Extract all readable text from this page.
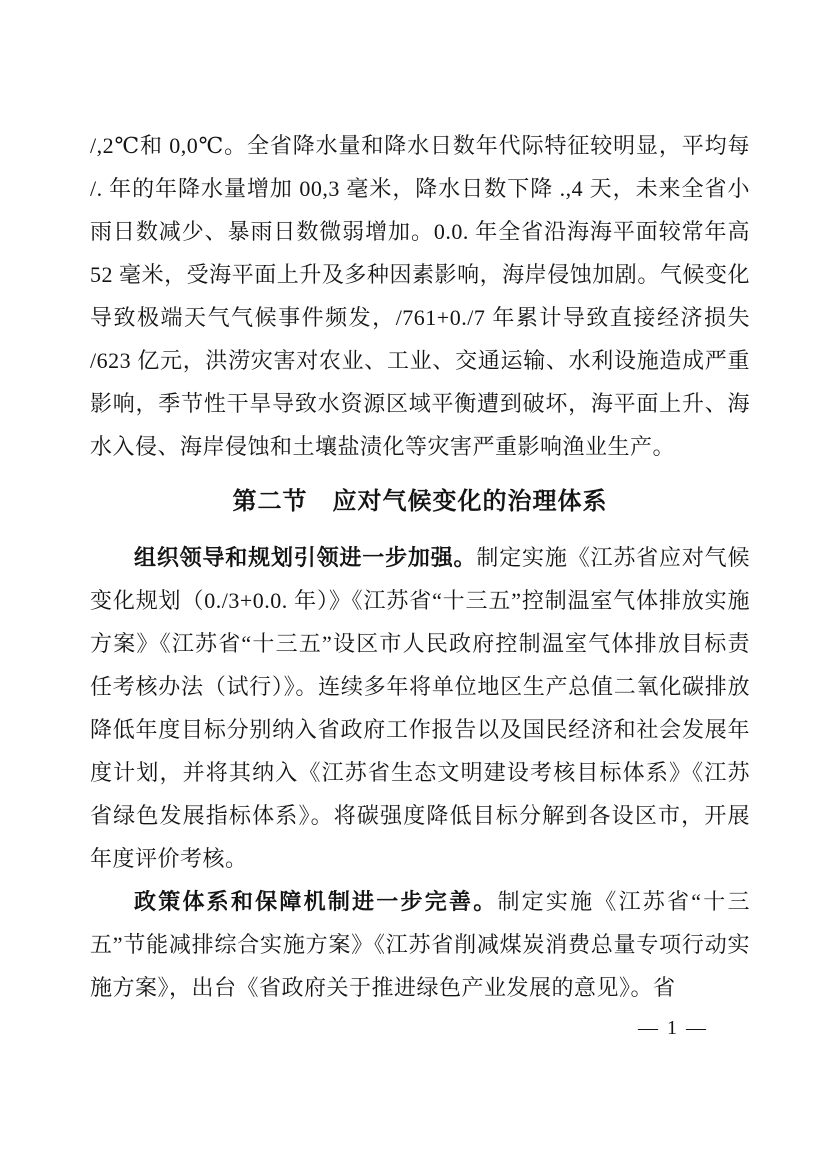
/,2℃和 0,0℃。全省降水量和降水日数年代际特征较明显，平均每 /. 年的年降水量增加 00,3 毫米，降水日数下降 .,4 天，未来全省小雨日数减少、暴雨日数微弱增加。0.0. 年全省沿海海平面较常年高 52 毫米，受海平面上升及多种因素影响，海岸侵蚀加剧。气候变化导致极端天气气候事件频发，/761+0./7 年累计导致直接经济损失 /623 亿元，洪涝灾害对农业、工业、交通运输、水利设施造成严重影响，季节性干旱导致水资源区域平衡遭到破坏，海平面上升、海水入侵、海岸侵蚀和土壤盐渍化等灾害严重影响渔业生产。

第二节　应对气候变化的治理体系

组织领导和规划引领进一步加强。制定实施《江苏省应对气候变化规划（0./3+0.0. 年）》《江苏省“十三五”控制温室气体排放实施方案》《江苏省“十三五”设区市人民政府控制温室气体排放目标责任考核办法（试行）》。连续多年将单位地区生产总值二氧化碳排放降低年度目标分别纳入省政府工作报告以及国民经济和社会发展年度计划，并将其纳入《江苏省生态文明建设考核目标体系》《江苏省绿色发展指标体系》。将碳强度降低目标分解到各设区市，开展年度评价考核。

政策体系和保障机制进一步完善。制定实施《江苏省“十三五”节能减排综合实施方案》《江苏省削减煤炭消费总量专项行动实施方案》，出台《省政府关于推进绿色产业发展的意见》。省

— 1 —
